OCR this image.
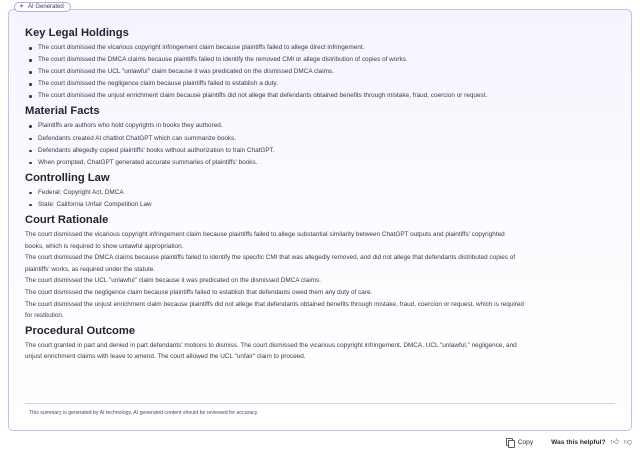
Key Legal Holdings
The court dismissed the vicarious copyright infringement claim because plaintiffs failed to allege direct infringement.
The court dismissed the DMCA claims because plaintiffs failed to identify the removed CMI or allege distribution of copies of works.
The court dismissed the UCL "unlawful" claim because it was predicated on the dismissed DMCA claims.
The court dismissed the negligence claim because plaintiffs failed to establish a duty.
The court dismissed the unjust enrichment claim because plaintiffs did not allege that defendants obtained benefits through mistake, fraud, coercion or request.
Material Facts
Plaintiffs are authors who hold copyrights in books they authored.
Defendants created AI chatbot ChatGPT which can summarize books.
Defendants allegedly copied plaintiffs' books without authorization to train ChatGPT.
When prompted, ChatGPT generated accurate summaries of plaintiffs' books.
Controlling Law
Federal: Copyright Act, DMCA
State: California Unfair Competition Law
Court Rationale

The court dismissed the vicarious copyright infringement claim because plaintiffs failed to allege substantial similarity between ChatGPT outputs and plaintiffs' copyrighted
books, which is required to show unlawful appropriation.
The court dismissed the DMCA claims because plaintiffs failed to identify the specific CMI that was allegedly removed, and did not allege that defendants distributed copies of
plaintiffs' works, as required under the statute.
The court dismissed the UCL "unlawful" claim because it was predicated on the dismissed DMCA claims.
The court dismissed the negligence claim because plaintiffs failed to establish that defendants owed them any duty of care.
The court dismissed the unjust enrichment claim because plaintiffs did not allege that defendants obtained benefits through mistake, fraud, coercion or request, which is required
for restitution.

Procedural Outcome

The court granted in part and denied in part defendants' motions to dismiss. The court dismissed the vicarious copyright infringement, DMCA, UCL "unlawful," negligence, and
unjust enrichment claims with leave to amend. The court allowed the UCL "unfair" claim to proceed.

This summary is generated by AI technology. AI generated content should be reviewed for accuracy.
✦ AI Generated
Copy	Was this helpful? 👍︎ 👎︎
